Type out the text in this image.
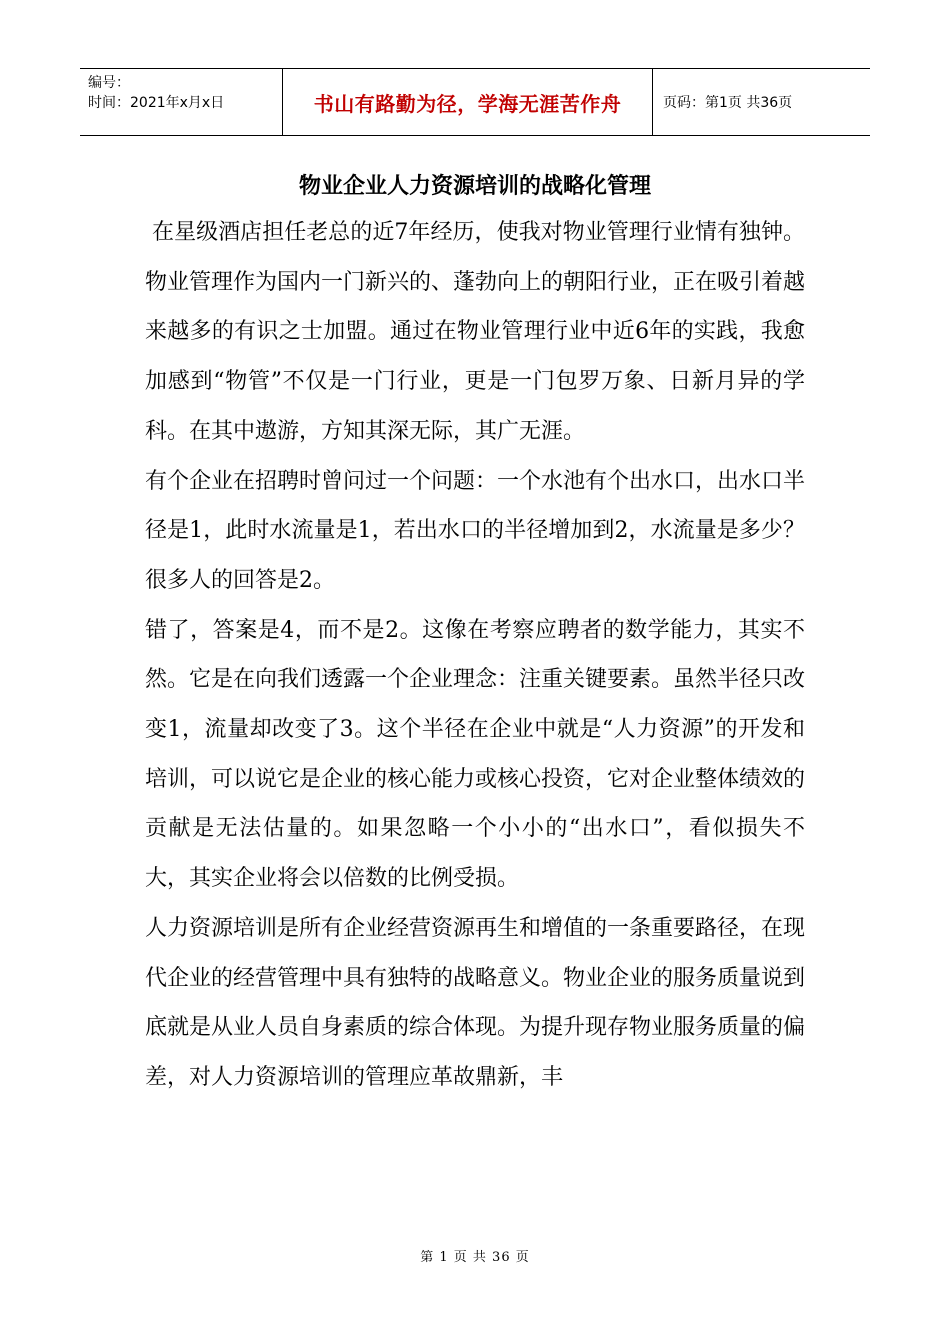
编号：
时间：2021年x月x日	书山有路勤为径，学海无涯苦作舟	页码：第1页 共36页
物业企业人力资源培训的战略化管理

在星级酒店担任老总的近7年经历，使我对物业管理行业情有独钟。物业管理作为国内一门新兴的、蓬勃向上的朝阳行业，正在吸引着越来越多的有识之士加盟。通过在物业管理行业中近6年的实践，我愈加感到“物管”不仅是一门行业，更是一门包罗万象、日新月异的学科。在其中遨游，方知其深无际，其广无涯。

有个企业在招聘时曾问过一个问题：一个水池有个出水口，出水口半径是1，此时水流量是1，若出水口的半径增加到2，水流量是多少？很多人的回答是2。

错了，答案是4，而不是2。这像在考察应聘者的数学能力，其实不然。它是在向我们透露一个企业理念：注重关键要素。虽然半径只改变1，流量却改变了3。这个半径在企业中就是“人力资源”的开发和培训，可以说它是企业的核心能力或核心投资，它对企业整体绩效的贡献是无法估量的。如果忽略一个小小的“出水口”，看似损失不大，其实企业将会以倍数的比例受损。

人力资源培训是所有企业经营资源再生和增值的一条重要路径，在现代企业的经营管理中具有独特的战略意义。物业企业的服务质量说到底就是从业人员自身素质的综合体现。为提升现存物业服务质量的偏差，对人力资源培训的管理应革故鼎新，丰

第 1 页 共 36 页
